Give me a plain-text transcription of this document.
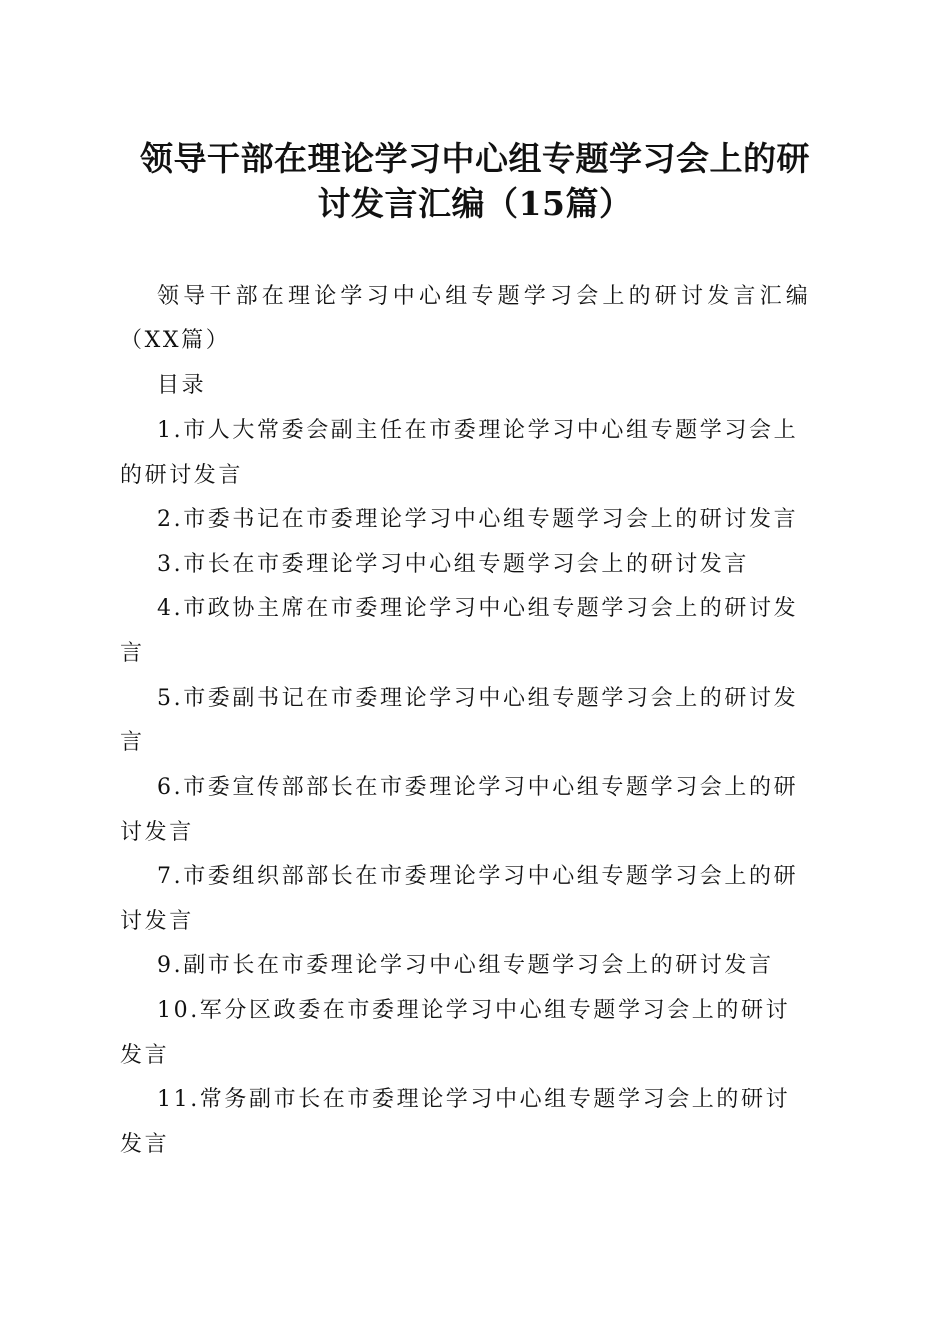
领导干部在理论学习中心组专题学习会上的研
讨发言汇编（15篇）
领导干部在理论学习中心组专题学习会上的研讨发言汇编
（XX篇）
目录
1.市人大常委会副主任在市委理论学习中心组专题学习会上
的研讨发言
2.市委书记在市委理论学习中心组专题学习会上的研讨发言
3.市长在市委理论学习中心组专题学习会上的研讨发言
4.市政协主席在市委理论学习中心组专题学习会上的研讨发
言
5.市委副书记在市委理论学习中心组专题学习会上的研讨发
言
6.市委宣传部部长在市委理论学习中心组专题学习会上的研
讨发言
7.市委组织部部长在市委理论学习中心组专题学习会上的研
讨发言
9.副市长在市委理论学习中心组专题学习会上的研讨发言
10.军分区政委在市委理论学习中心组专题学习会上的研讨
发言
11.常务副市长在市委理论学习中心组专题学习会上的研讨
发言
